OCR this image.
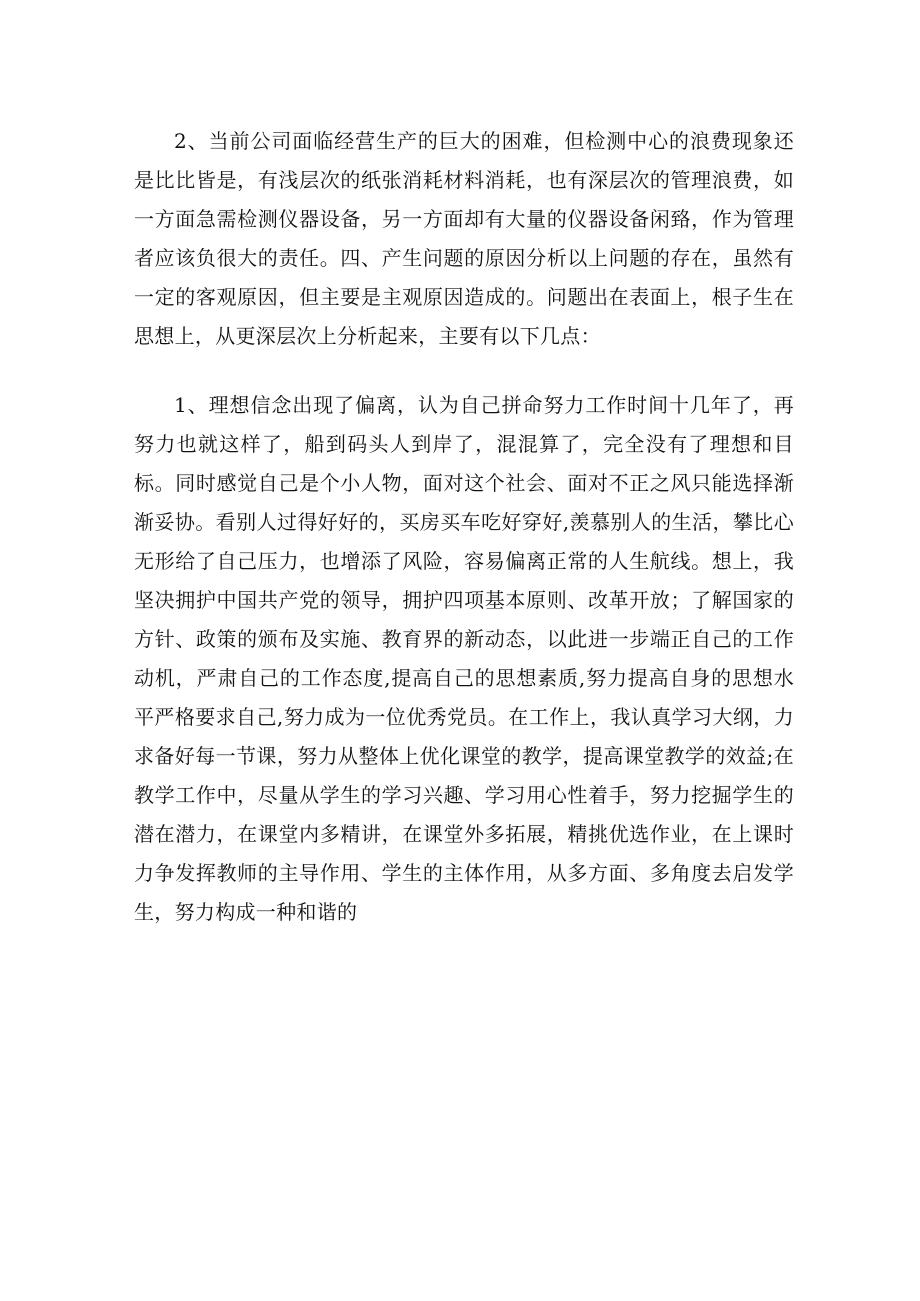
2、当前公司面临经营生产的巨大的困难，但检测中心的浪费现象还是比比皆是，有浅层次的纸张消耗材料消耗，也有深层次的管理浪费，如一方面急需检测仪器设备，另一方面却有大量的仪器设备闲臵，作为管理者应该负很大的责任。四、产生问题的原因分析以上问题的存在，虽然有一定的客观原因，但主要是主观原因造成的。问题出在表面上，根子生在思想上，从更深层次上分析起来，主要有以下几点：

1、理想信念出现了偏离，认为自己拼命努力工作时间十几年了，再努力也就这样了，船到码头人到岸了，混混算了，完全没有了理想和目标。同时感觉自己是个小人物，面对这个社会、面对不正之风只能选择渐渐妥协。看别人过得好好的，买房买车吃好穿好,羡慕别人的生活，攀比心无形给了自己压力，也增添了风险，容易偏离正常的人生航线。想上，我坚决拥护中国共产党的领导，拥护四项基本原则、改革开放；了解国家的方针、政策的颁布及实施、教育界的新动态，以此进一步端正自己的工作动机，严肃自己的工作态度,提高自己的思想素质,努力提高自身的思想水平严格要求自己,努力成为一位优秀党员。在工作上，我认真学习大纲，力求备好每一节课，努力从整体上优化课堂的教学，提高课堂教学的效益;在教学工作中，尽量从学生的学习兴趣、学习用心性着手，努力挖掘学生的潜在潜力，在课堂内多精讲，在课堂外多拓展，精挑优选作业，在上课时力争发挥教师的主导作用、学生的主体作用，从多方面、多角度去启发学生，努力构成一种和谐的
